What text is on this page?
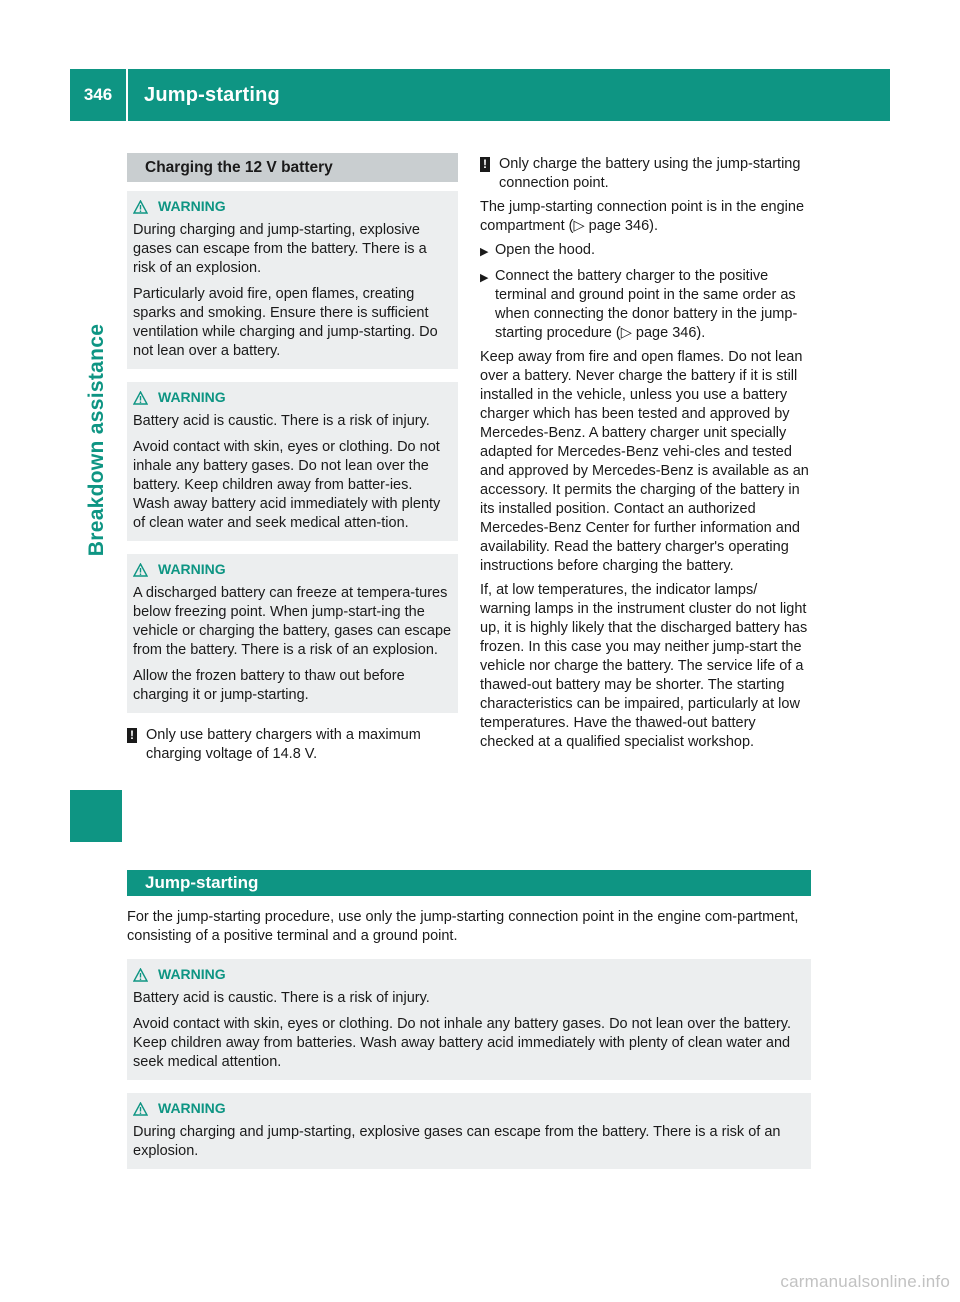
346	Jump-starting
Breakdown assistance
Charging the 12 V battery
WARNING

During charging and jump-starting, explosive gases can escape from the battery. There is a risk of an explosion.

Particularly avoid fire, open flames, creating sparks and smoking. Ensure there is sufficient ventilation while charging and jump-starting. Do not lean over a battery.

WARNING

Battery acid is caustic. There is a risk of injury.

Avoid contact with skin, eyes or clothing. Do not inhale any battery gases. Do not lean over the battery. Keep children away from batter-ies. Wash away battery acid immediately with plenty of clean water and seek medical atten-tion.

WARNING

A discharged battery can freeze at tempera-tures below freezing point. When jump-start-ing the vehicle or charging the battery, gases can escape from the battery. There is a risk of an explosion.

Allow the frozen battery to thaw out before charging it or jump-starting.

! Only use battery chargers with a maximum charging voltage of 14.8 V.
! Only charge the battery using the jump-starting connection point.

The jump-starting connection point is in the engine compartment (▷ page 346).

▶ Open the hood.
▶ Connect the battery charger to the positive terminal and ground point in the same order as when connecting the donor battery in the jump-starting procedure (▷ page 346).

Keep away from fire and open flames. Do not lean over a battery. Never charge the battery if it is still installed in the vehicle, unless you use a battery charger which has been tested and approved by Mercedes-Benz. A battery charger unit specially adapted for Mercedes-Benz vehi-cles and tested and approved by Mercedes-Benz is available as an accessory. It permits the charging of the battery in its installed position. Contact an authorized Mercedes-Benz Center for further information and availability. Read the battery charger's operating instructions before charging the battery.

If, at low temperatures, the indicator lamps/ warning lamps in the instrument cluster do not light up, it is highly likely that the discharged battery has frozen. In this case you may neither jump-start the vehicle nor charge the battery. The service life of a thawed-out battery may be shorter. The starting characteristics can be impaired, particularly at low temperatures. Have the thawed-out battery checked at a qualified specialist workshop.

Jump-starting

For the jump-starting procedure, use only the jump-starting connection point in the engine com-partment, consisting of a positive terminal and a ground point.

WARNING

Battery acid is caustic. There is a risk of injury.

Avoid contact with skin, eyes or clothing. Do not inhale any battery gases. Do not lean over the battery. Keep children away from batteries. Wash away battery acid immediately with plenty of clean water and seek medical attention.

WARNING

During charging and jump-starting, explosive gases can escape from the battery. There is a risk of an explosion.

carmanualsonline.info
